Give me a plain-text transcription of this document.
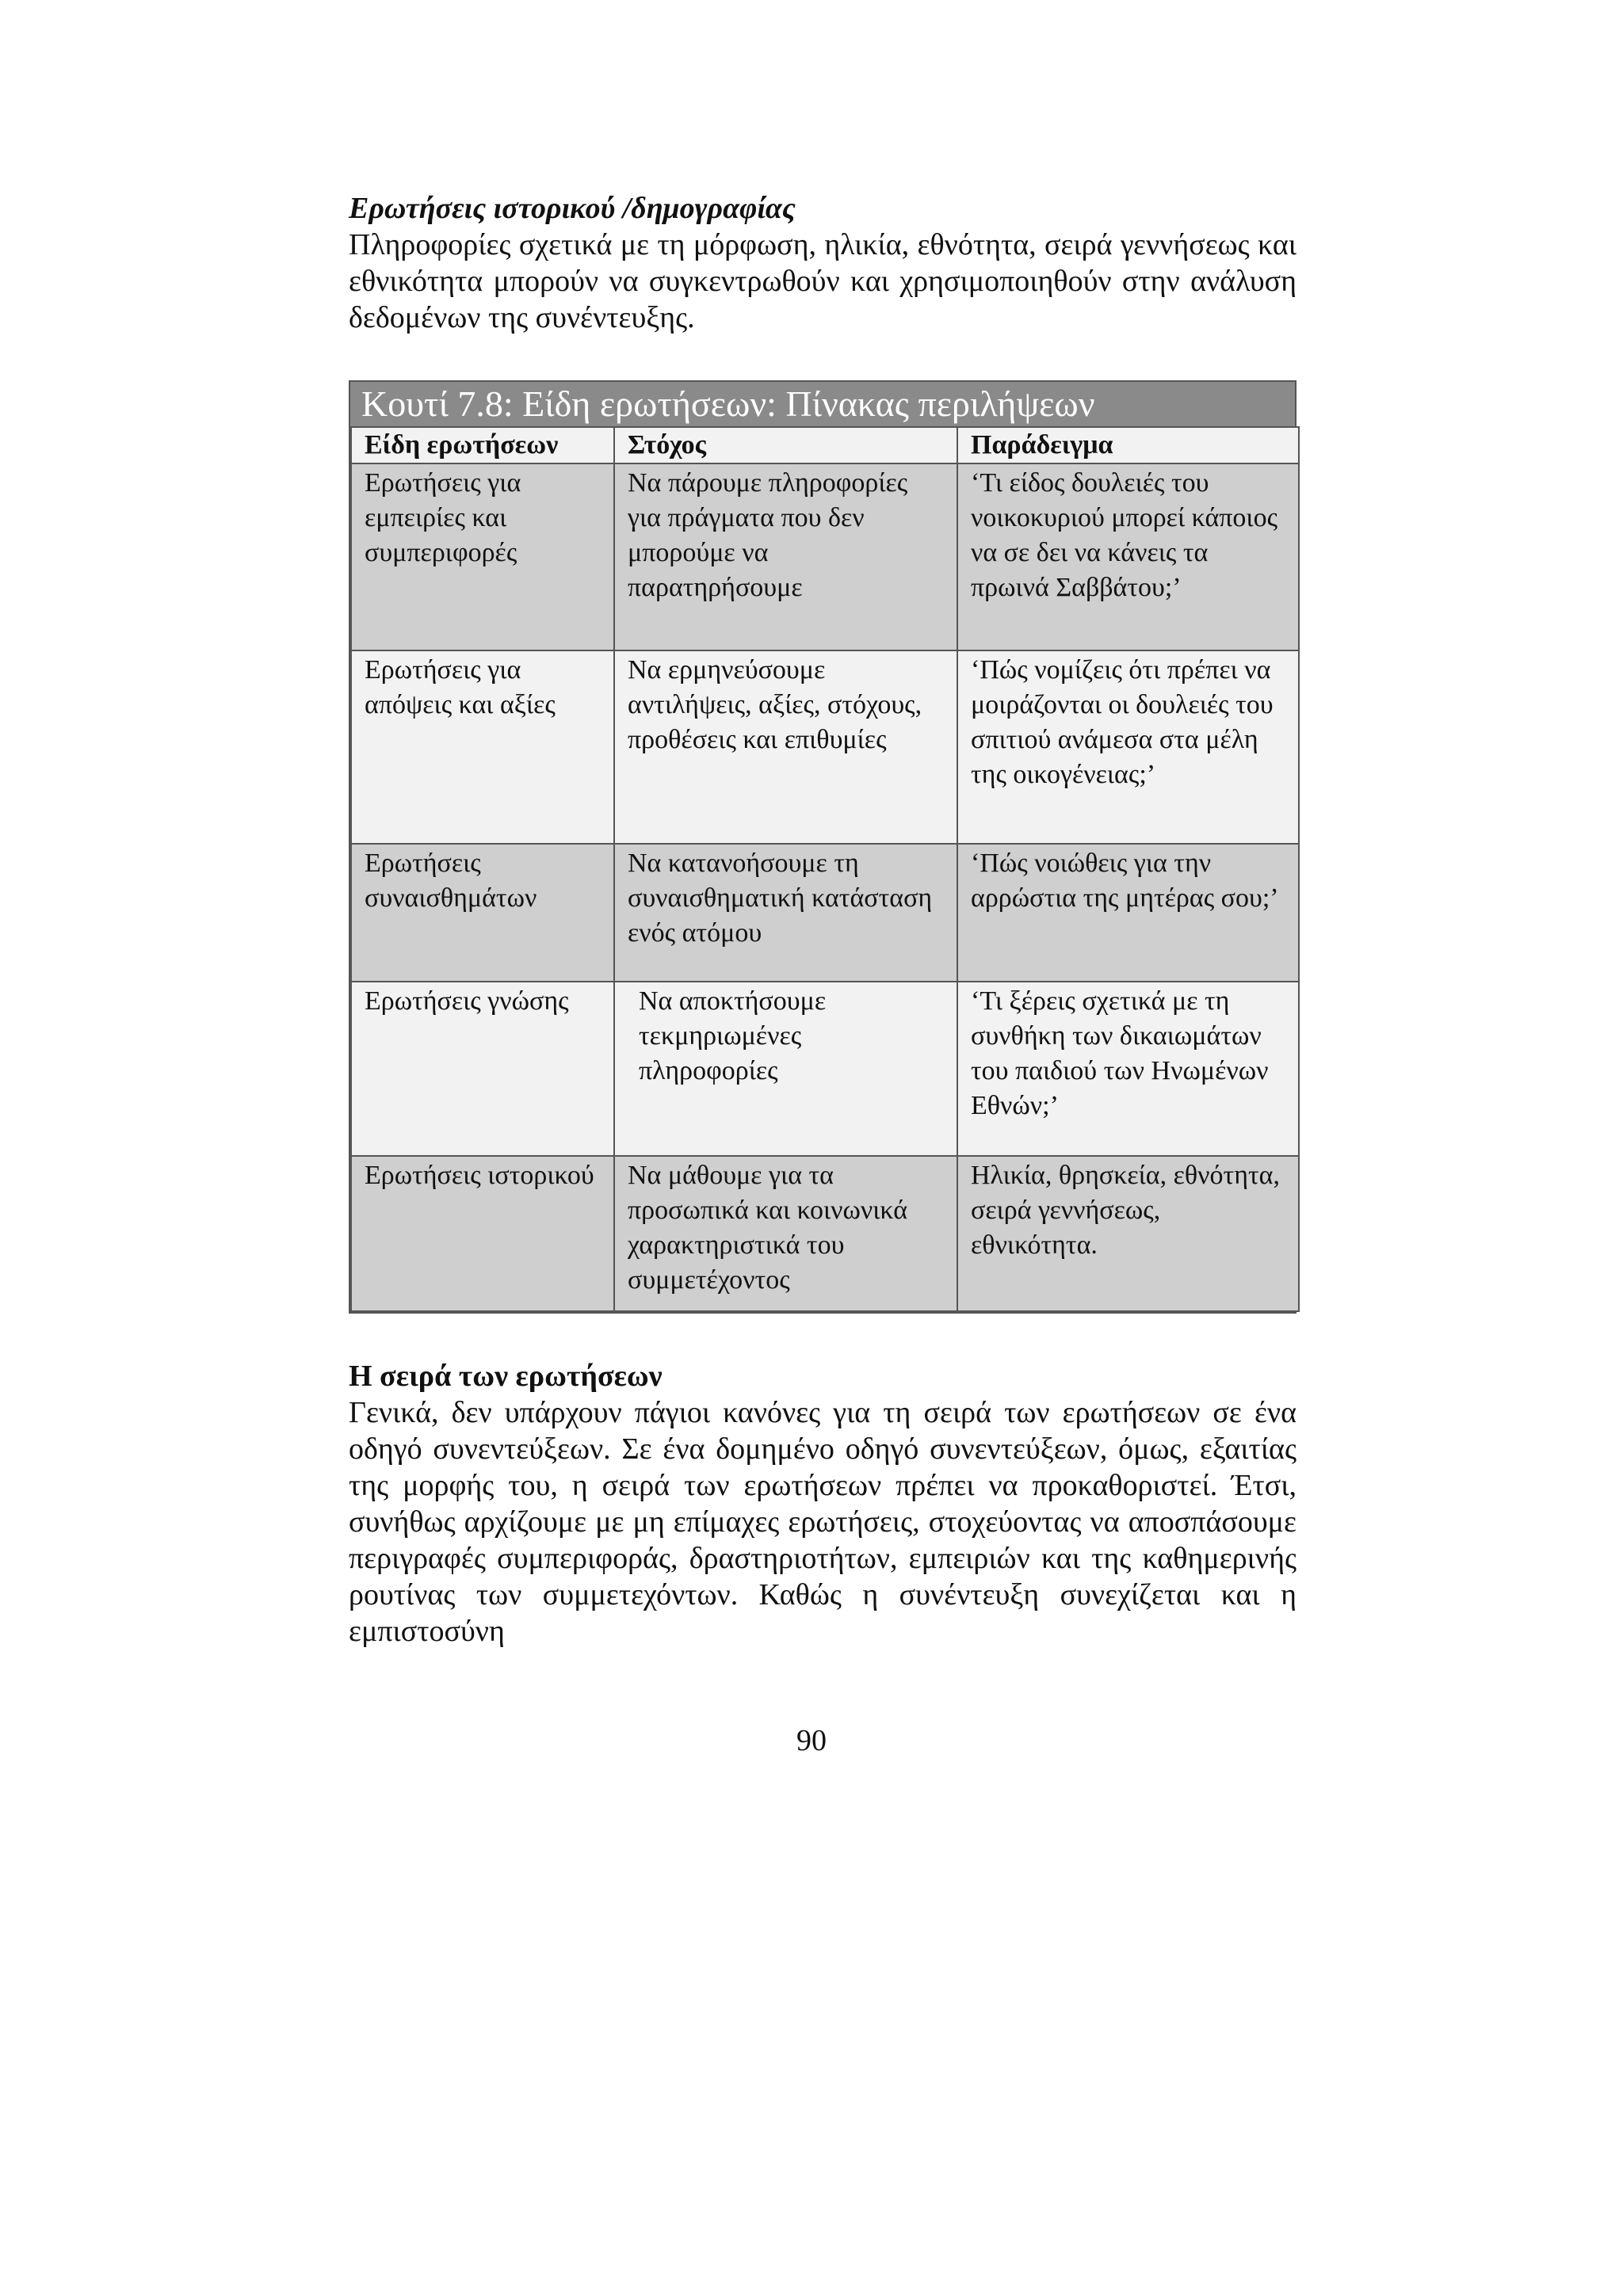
Ερωτήσεις ιστορικού /δημογραφίας

Πληροφορίες σχετικά με τη μόρφωση, ηλικία, εθνότητα, σειρά γεννήσεως και εθνικότητα μπορούν να συγκεντρωθούν και χρησιμοποιηθούν στην ανάλυση δεδομένων της συνέντευξης.

Κουτί 7.8: Είδη ερωτήσεων: Πίνακας περιλήψεων
Είδη ερωτήσεων	Στόχος	Παράδειγμα
Ερωτήσεις για εμπειρίες και συμπεριφορές	Να πάρουμε πληροφορίες για πράγματα που δεν μπορούμε να παρατηρήσουμε	‘Τι είδος δουλειές του νοικοκυριού μπορεί κάποιος να σε δει να κάνεις τα πρωινά Σαββάτου;’
Ερωτήσεις για απόψεις και αξίες	Να ερμηνεύσουμε αντιλήψεις, αξίες, στόχους, προθέσεις και επιθυμίες	‘Πώς νομίζεις ότι πρέπει να μοιράζονται οι δουλειές του σπιτιού ανάμεσα στα μέλη της οικογένειας;’
Ερωτήσεις συναισθημάτων	Να κατανοήσουμε τη συναισθηματική κατάσταση ενός ατόμου	‘Πώς νοιώθεις για την αρρώστια της μητέρας σου;’
Ερωτήσεις γνώσης	Να αποκτήσουμε τεκμηριωμένες πληροφορίες	‘Τι ξέρεις σχετικά με τη συνθήκη των δικαιωμάτων του παιδιού των Ηνωμένων Εθνών;’
Ερωτήσεις ιστορικού	Να μάθουμε για τα προσωπικά και κοινωνικά χαρακτηριστικά του συμμετέχοντος	Ηλικία, θρησκεία, εθνότητα, σειρά γεννήσεως, εθνικότητα.

Η σειρά των ερωτήσεων

Γενικά, δεν υπάρχουν πάγιοι κανόνες για τη σειρά των ερωτήσεων σε ένα οδηγό συνεντεύξεων. Σε ένα δομημένο οδηγό συνεντεύξεων, όμως, εξαιτίας της μορφής του, η σειρά των ερωτήσεων πρέπει να προκαθοριστεί. Έτσι, συνήθως αρχίζουμε με μη επίμαχες ερωτήσεις, στοχεύοντας να αποσπάσουμε περιγραφές συμπεριφοράς, δραστηριοτήτων, εμπειριών και της καθημερινής ρουτίνας των συμμετεχόντων. Καθώς η συνέντευξη συνεχίζεται και η εμπιστοσύνη

90
